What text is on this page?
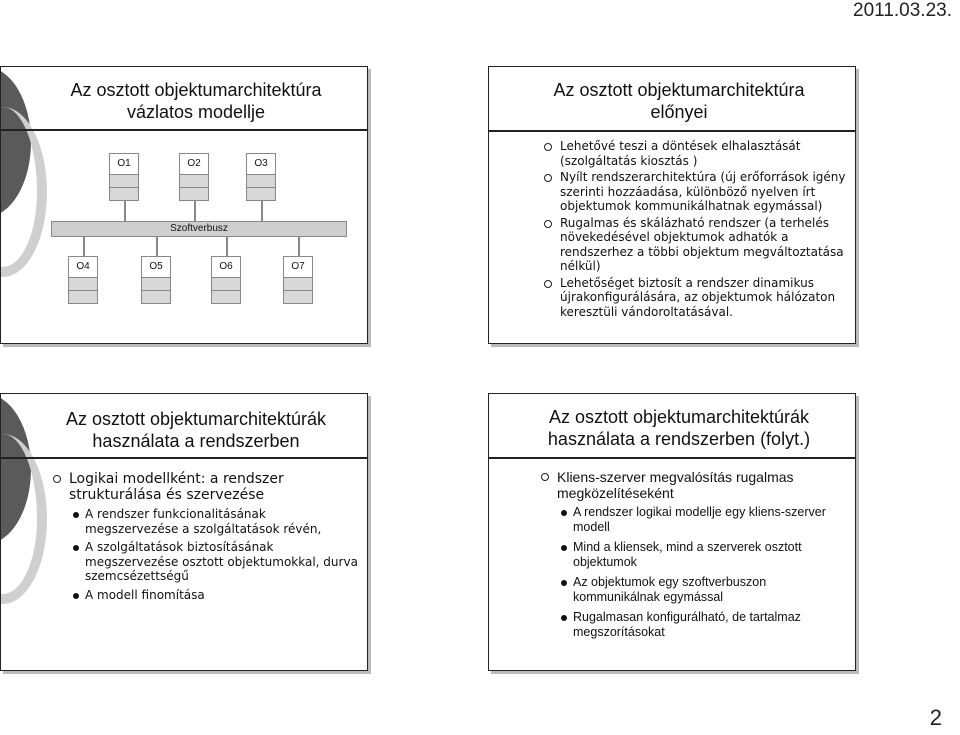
2011.03.23.
Az osztott objektumarchitektúra
vázlatos modellje
O1	O2	O3
Szoftverbusz
O4	O5	O6	O7
Az osztott objektumarchitektúra
előnyei
Lehetővé teszi a döntések elhalasztását (szolgáltatás kiosztás )
Nyílt rendszerarchitektúra (új erőforrások igény szerinti hozzáadása, különböző nyelven írt objektumok kommunikálhatnak egymással)
Rugalmas és skálázható rendszer (a terhelés növekedésével objektumok adhatók a rendszerhez a többi objektum megváltoztatása nélkül)
Lehetőséget biztosít a rendszer dinamikus újrakonfigurálására, az objektumok hálózaton keresztüli vándoroltatásával.
Az osztott objektumarchitektúrák
használata a rendszerben
Logikai modellként: a rendszer strukturálása és szervezése
A rendszer funkcionalitásának megszervezése a szolgáltatások révén,
A szolgáltatások biztosításának megszervezése osztott objektumokkal, durva szemcsézettségű
A modell finomítása
Az osztott objektumarchitektúrák
használata a rendszerben (folyt.)
Kliens-szerver megvalósítás rugalmas megközelítéseként
A rendszer logikai modellje egy kliens-szerver modell
Mind a kliensek, mind a szerverek osztott objektumok
Az objektumok egy szoftverbuszon kommunikálnak egymással
Rugalmasan konfigurálható, de tartalmaz megszorításokat
2
